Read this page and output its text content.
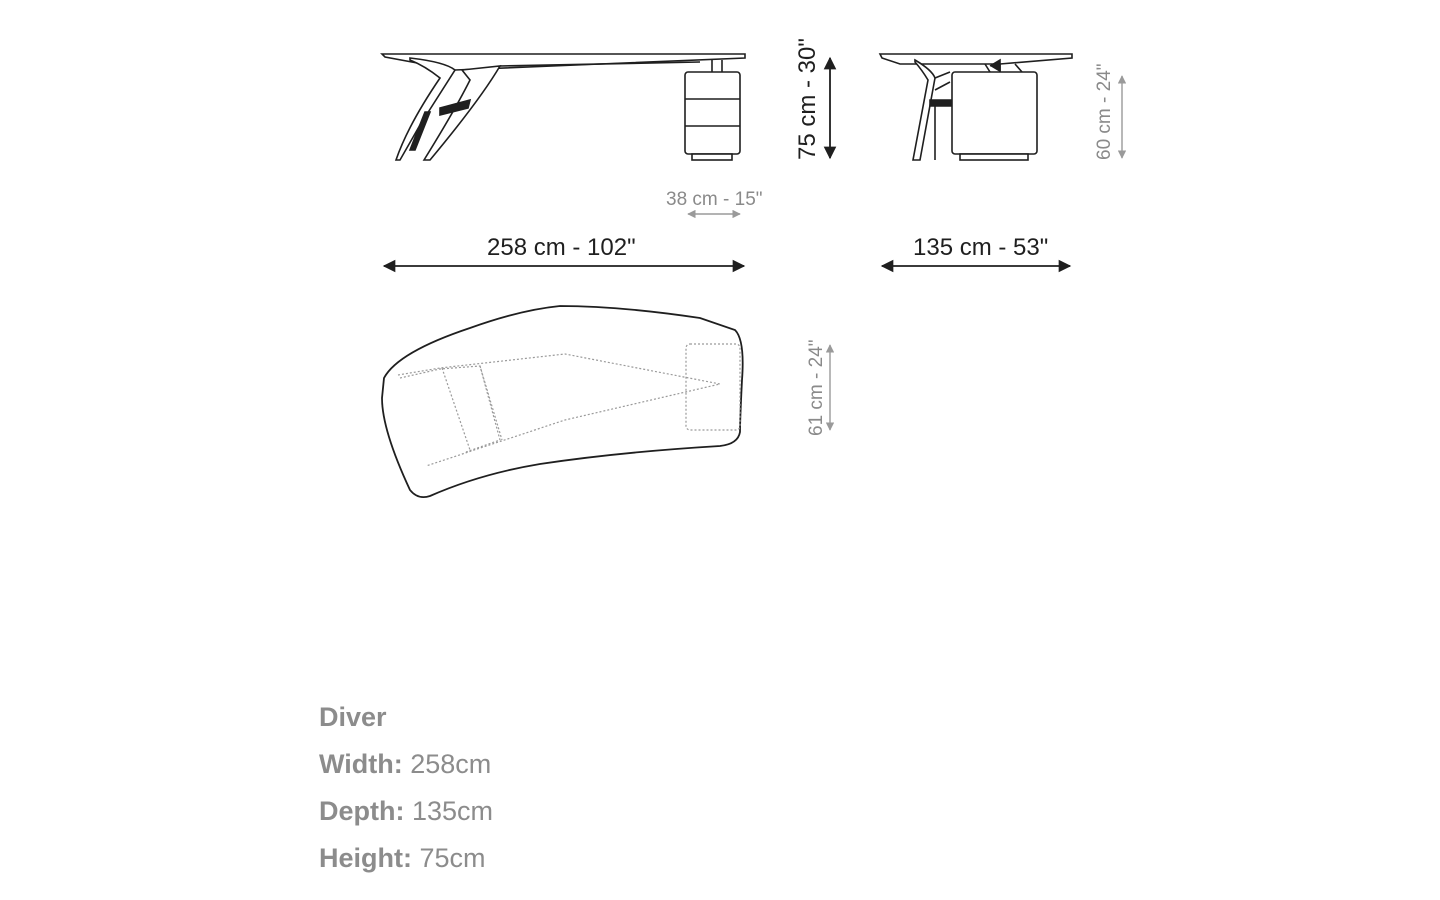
75 cm - 30"	60 cm - 24"
38 cm - 15"
258 cm - 102"	135 cm - 53"
61 cm - 24"
Diver
Width: 258cm
Depth: 135cm
Height: 75cm
